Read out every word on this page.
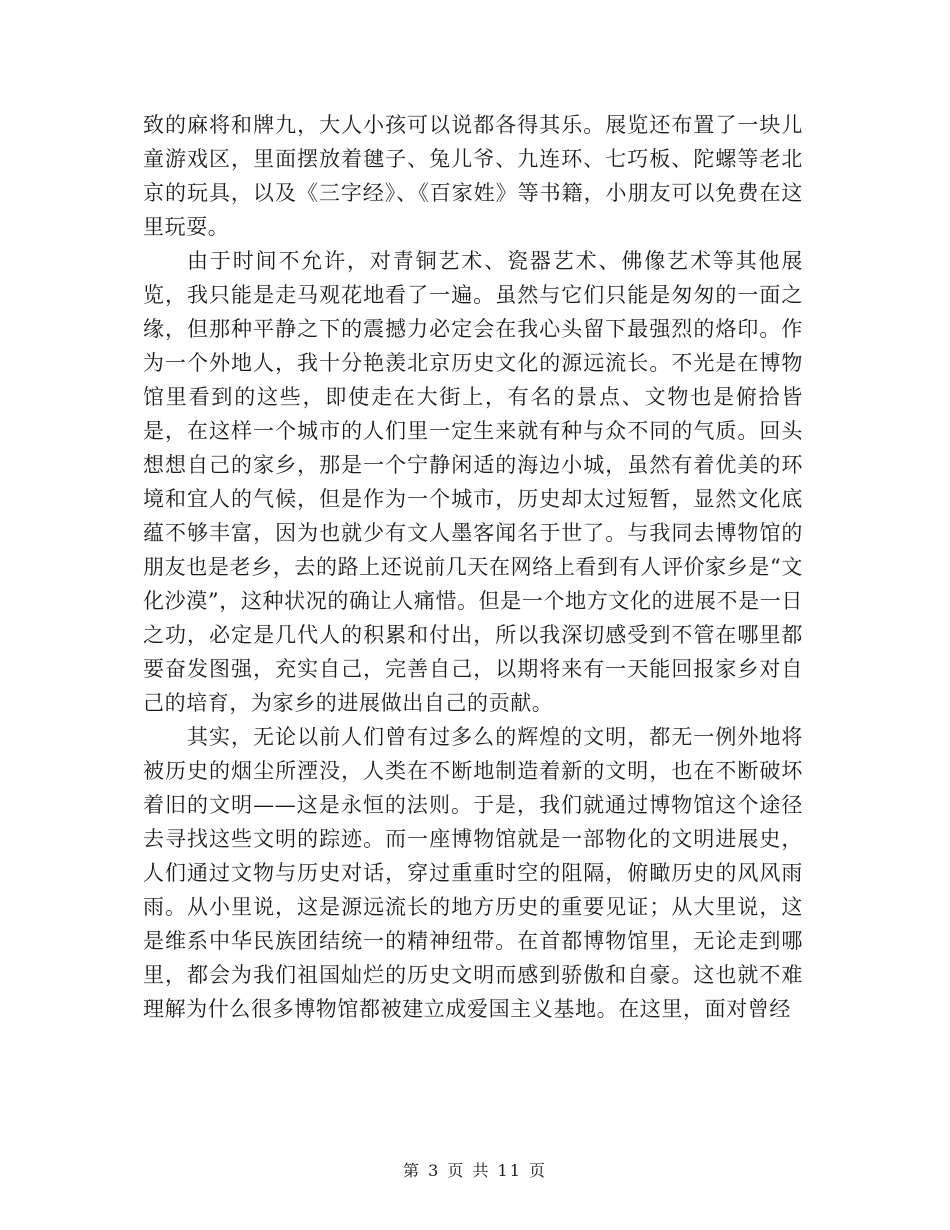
致的麻将和牌九，大人小孩可以说都各得其乐。展览还布置了一块儿童游戏区，里面摆放着毽子、兔儿爷、九连环、七巧板、陀螺等老北京的玩具，以及《三字经》、《百家姓》等书籍，小朋友可以免费在这里玩耍。

由于时间不允许，对青铜艺术、瓷器艺术、佛像艺术等其他展览，我只能是走马观花地看了一遍。虽然与它们只能是匆匆的一面之缘，但那种平静之下的震撼力必定会在我心头留下最强烈的烙印。作为一个外地人，我十分艳羡北京历史文化的源远流长。不光是在博物馆里看到的这些，即使走在大街上，有名的景点、文物也是俯拾皆是，在这样一个城市的人们里一定生来就有种与众不同的气质。回头想想自己的家乡，那是一个宁静闲适的海边小城，虽然有着优美的环境和宜人的气候，但是作为一个城市，历史却太过短暂，显然文化底蕴不够丰富，因为也就少有文人墨客闻名于世了。与我同去博物馆的朋友也是老乡，去的路上还说前几天在网络上看到有人评价家乡是“文化沙漠”，这种状况的确让人痛惜。但是一个地方文化的进展不是一日之功，必定是几代人的积累和付出，所以我深切感受到不管在哪里都要奋发图强，充实自己，完善自己，以期将来有一天能回报家乡对自己的培育，为家乡的进展做出自己的贡献。

其实，无论以前人们曾有过多么的辉煌的文明，都无一例外地将被历史的烟尘所湮没，人类在不断地制造着新的文明，也在不断破坏着旧的文明——这是永恒的法则。于是，我们就通过博物馆这个途径去寻找这些文明的踪迹。而一座博物馆就是一部物化的文明进展史，人们通过文物与历史对话，穿过重重时空的阻隔，俯瞰历史的风风雨雨。从小里说，这是源远流长的地方历史的重要见证；从大里说，这是维系中华民族团结统一的精神纽带。在首都博物馆里，无论走到哪里，都会为我们祖国灿烂的历史文明而感到骄傲和自豪。这也就不难理解为什么很多博物馆都被建立成爱国主义基地。在这里，面对曾经

第 3 页 共 11 页
